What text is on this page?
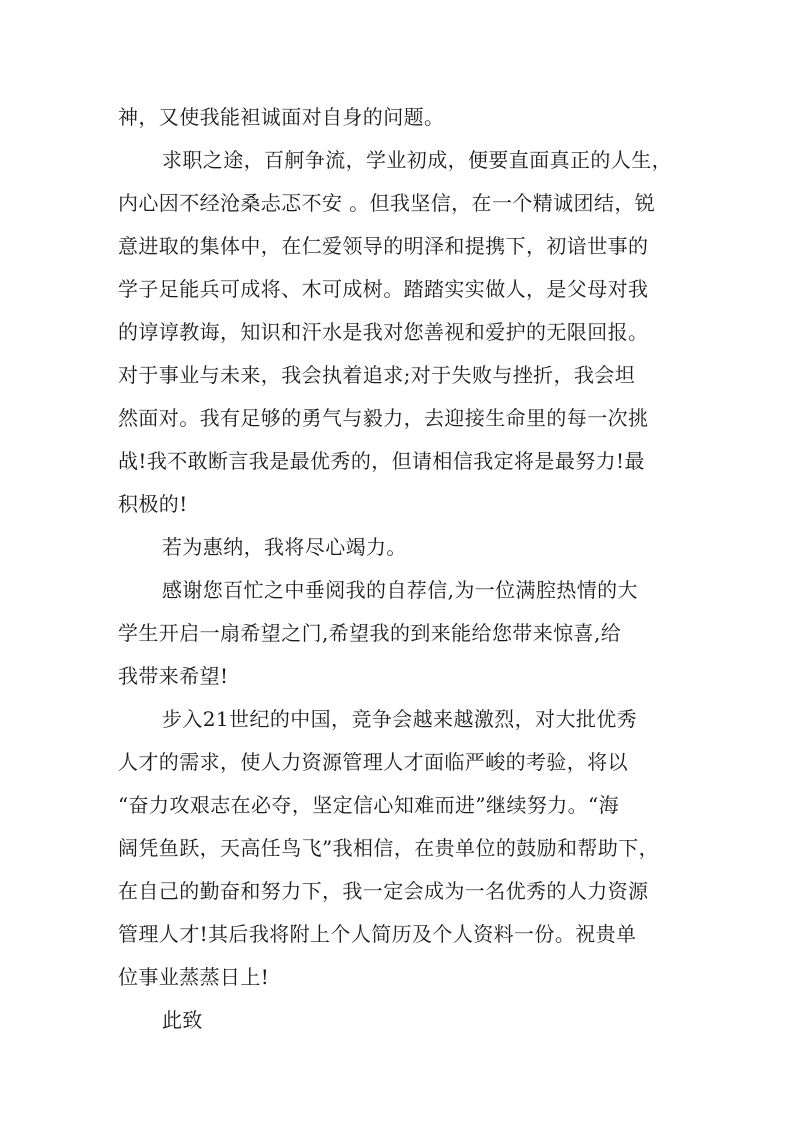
神，又使我能袒诚面对自身的问题。
求职之途，百舸争流，学业初成，便要直面真正的人生，
内心因不经沧桑忐忑不安 。但我坚信，在一个精诚团结，锐
意进取的集体中，在仁爱领导的明泽和提携下，初谙世事的
学子足能兵可成将、木可成树。踏踏实实做人，是父母对我
的谆谆教诲，知识和汗水是我对您善视和爱护的无限回报。
对于事业与未来，我会执着追求;对于失败与挫折，我会坦
然面对。我有足够的勇气与毅力，去迎接生命里的每一次挑
战!我不敢断言我是最优秀的，但请相信我定将是最努力!最
积极的!
若为惠纳，我将尽心竭力。
感谢您百忙之中垂阅我的自荐信,为一位满腔热情的大
学生开启一扇希望之门,希望我的到来能给您带来惊喜,给
我带来希望!
步入21世纪的中国，竞争会越来越激烈，对大批优秀
人才的需求，使人力资源管理人才面临严峻的考验，将以
“奋力攻艰志在必夺，坚定信心知难而进”继续努力。“海
阔凭鱼跃，天高任鸟飞”我相信，在贵单位的鼓励和帮助下，
在自己的勤奋和努力下，我一定会成为一名优秀的人力资源
管理人才!其后我将附上个人简历及个人资料一份。祝贵单
位事业蒸蒸日上!
此致
